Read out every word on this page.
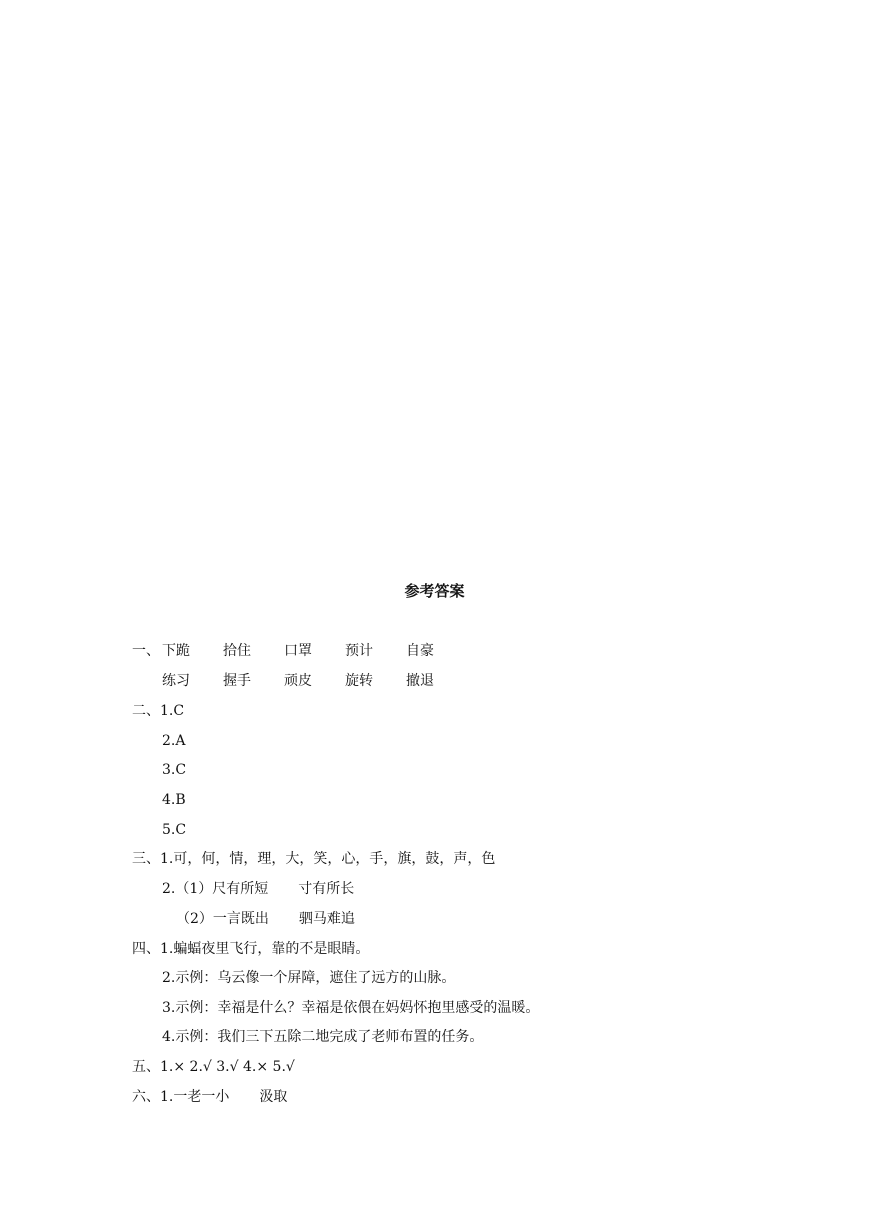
参考答案
一、 下跪 拾住 口罩 预计 自豪
练习 握手 顽皮 旋转 撤退
二、1.C
2.A
3.C
4.B
5.C
三、1.可，何，情，理，大，笑，心，手，旗，鼓，声，色
2.（1）尺有所短 寸有所长
（2）一言既出 驷马难追
四、1.蝙蝠夜里飞行，靠的不是眼睛。
2.示例：乌云像一个屏障，遮住了远方的山脉。
3.示例：幸福是什么？幸福是依偎在妈妈怀抱里感受的温暖。
4.示例：我们三下五除二地完成了老师布置的任务。
五、1.× 2.√ 3.√ 4.× 5.√
六、1.一老一小 汲取
